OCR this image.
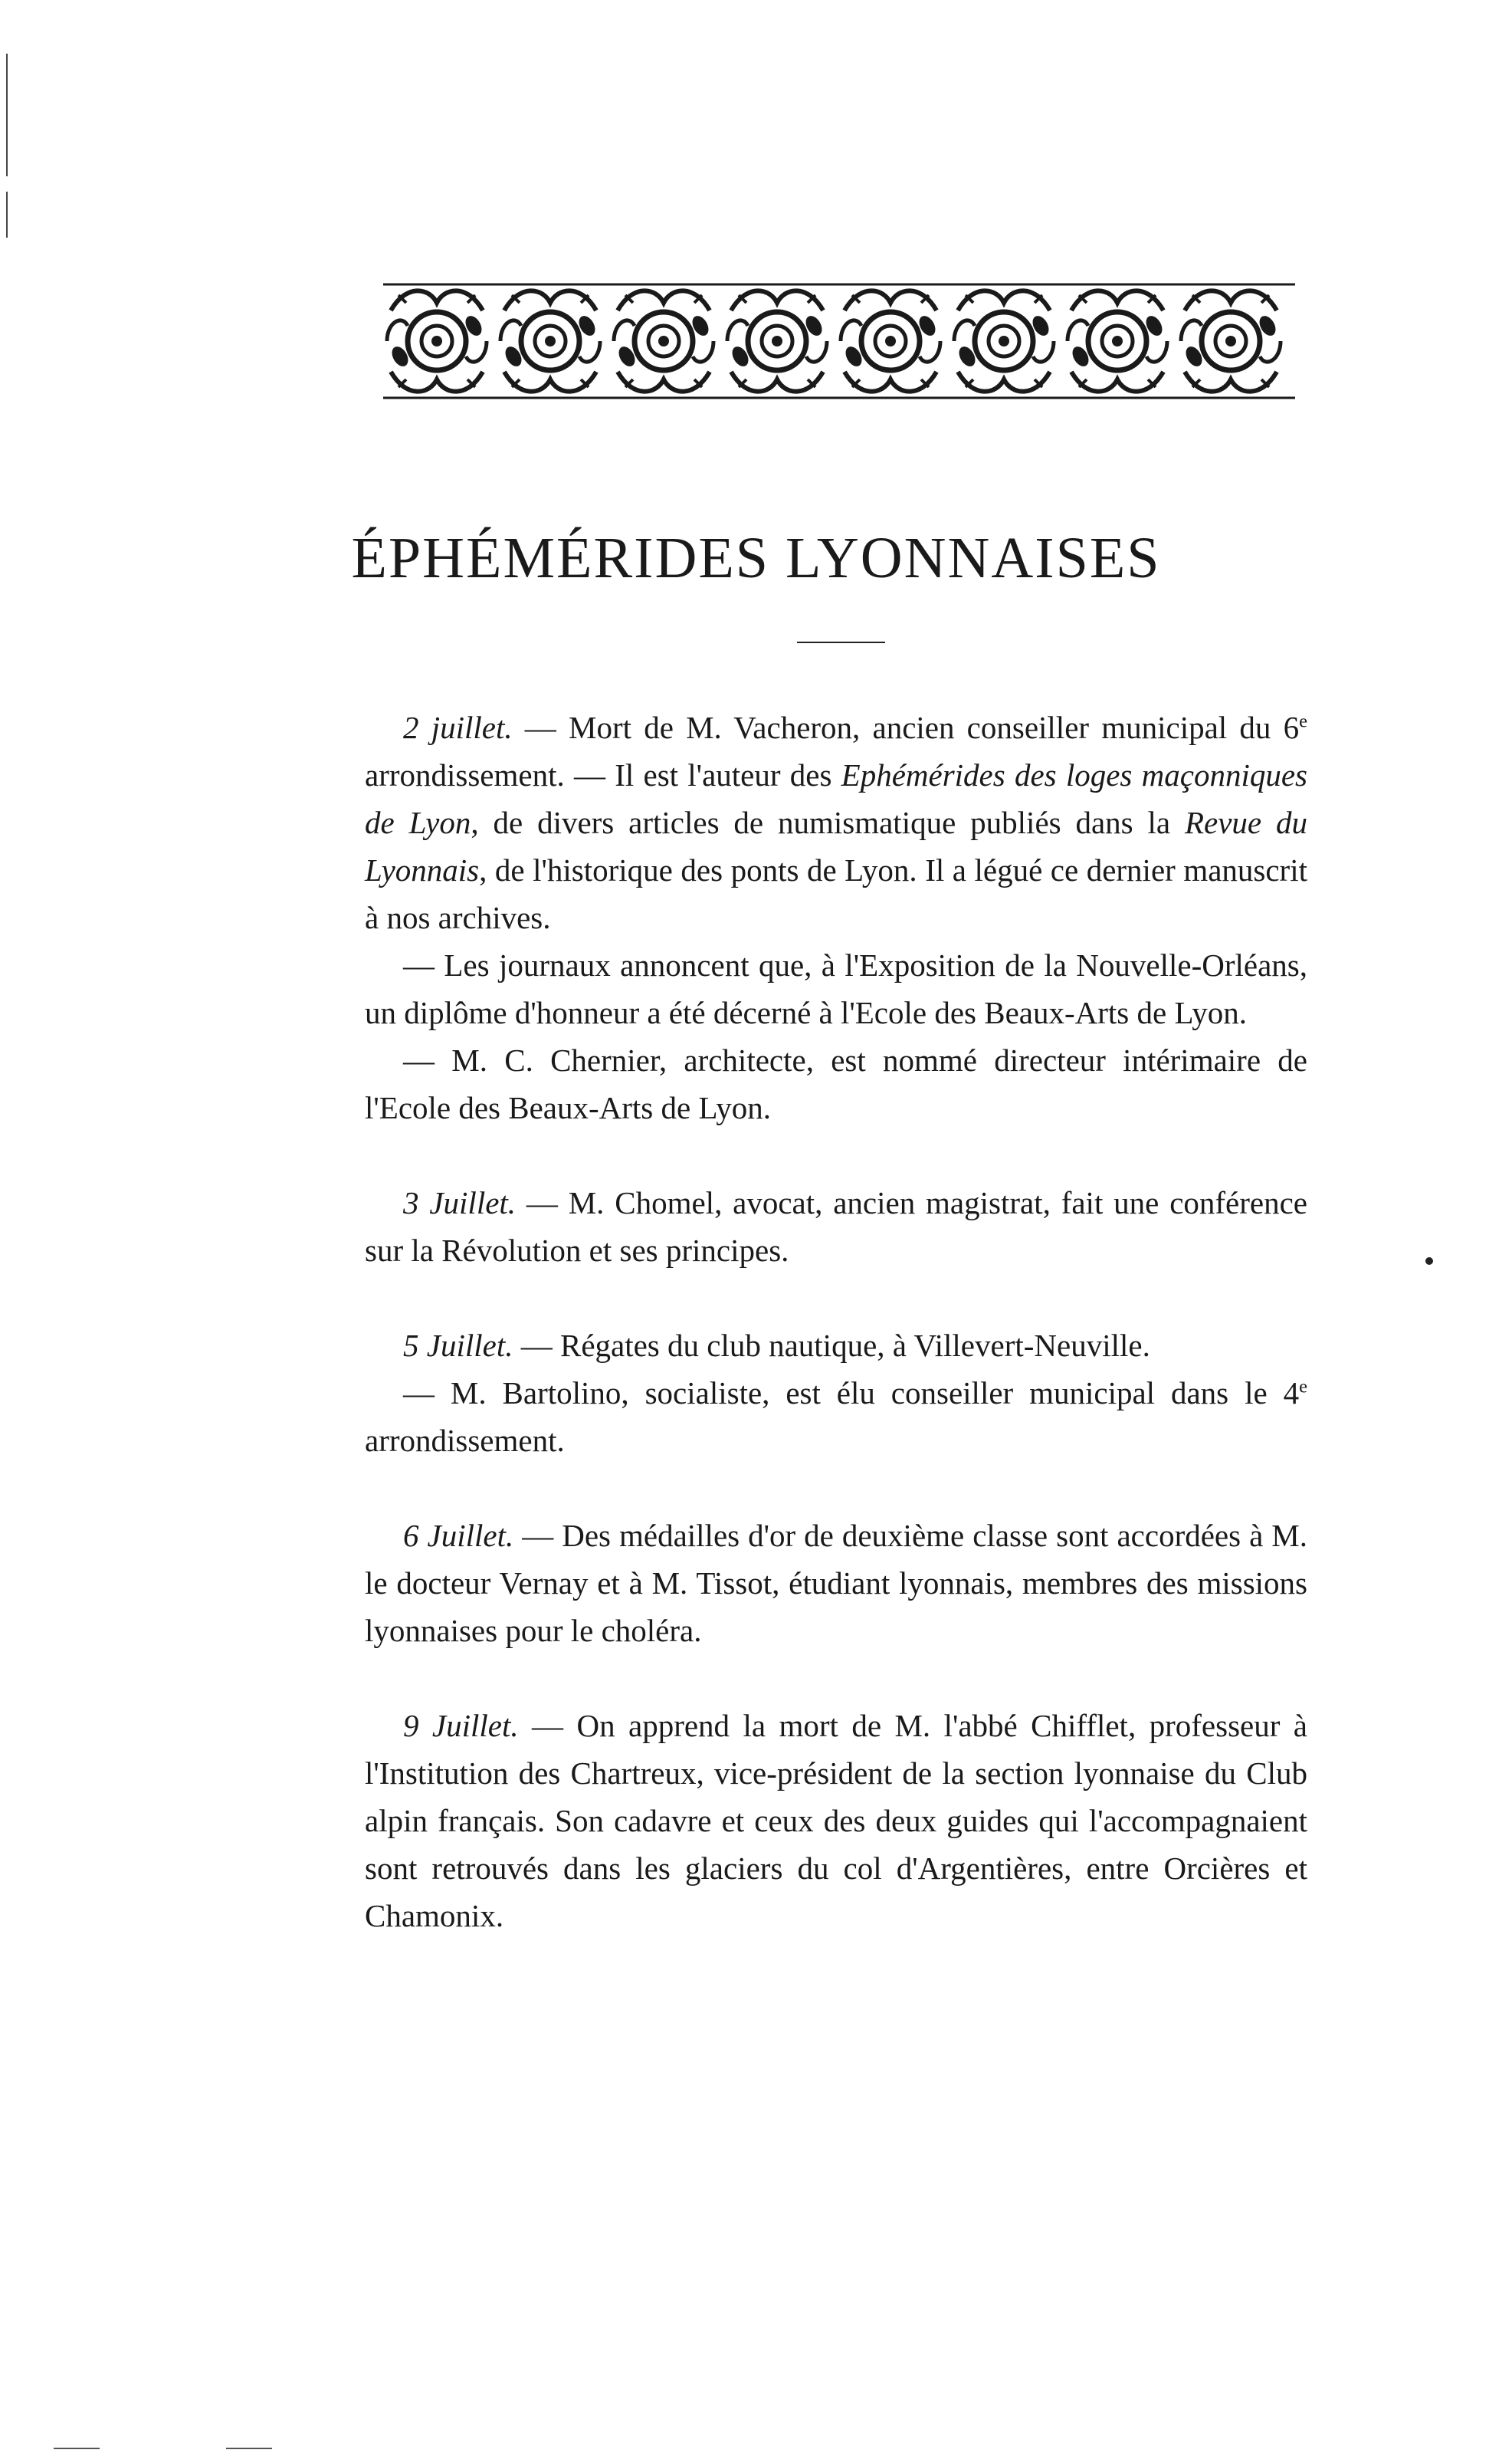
ÉPHÉMÉRIDES LYONNAISES

2 juillet. — Mort de M. Vacheron, ancien conseiller municipal du 6e arrondissement. — Il est l'auteur des Ephémérides des loges maçonniques de Lyon, de divers articles de numismatique publiés dans la Revue du Lyonnais, de l'historique des ponts de Lyon. Il a légué ce dernier manuscrit à nos archives.

— Les journaux annoncent que, à l'Exposition de la Nouvelle-Orléans, un diplôme d'honneur a été décerné à l'Ecole des Beaux-Arts de Lyon.

— M. C. Chernier, architecte, est nommé directeur intérimaire de l'Ecole des Beaux-Arts de Lyon.

3 Juillet. — M. Chomel, avocat, ancien magistrat, fait une conférence sur la Révolution et ses principes.

5 Juillet. — Régates du club nautique, à Villevert-Neuville.

— M. Bartolino, socialiste, est élu conseiller municipal dans le 4e arrondissement.

6 Juillet. — Des médailles d'or de deuxième classe sont accordées à M. le docteur Vernay et à M. Tissot, étudiant lyonnais, membres des missions lyonnaises pour le choléra.

9 Juillet. — On apprend la mort de M. l'abbé Chifflet, professeur à l'Institution des Chartreux, vice-président de la section lyonnaise du Club alpin français. Son cadavre et ceux des deux guides qui l'accompagnaient sont retrouvés dans les glaciers du col d'Argentières, entre Orcières et Chamonix.
